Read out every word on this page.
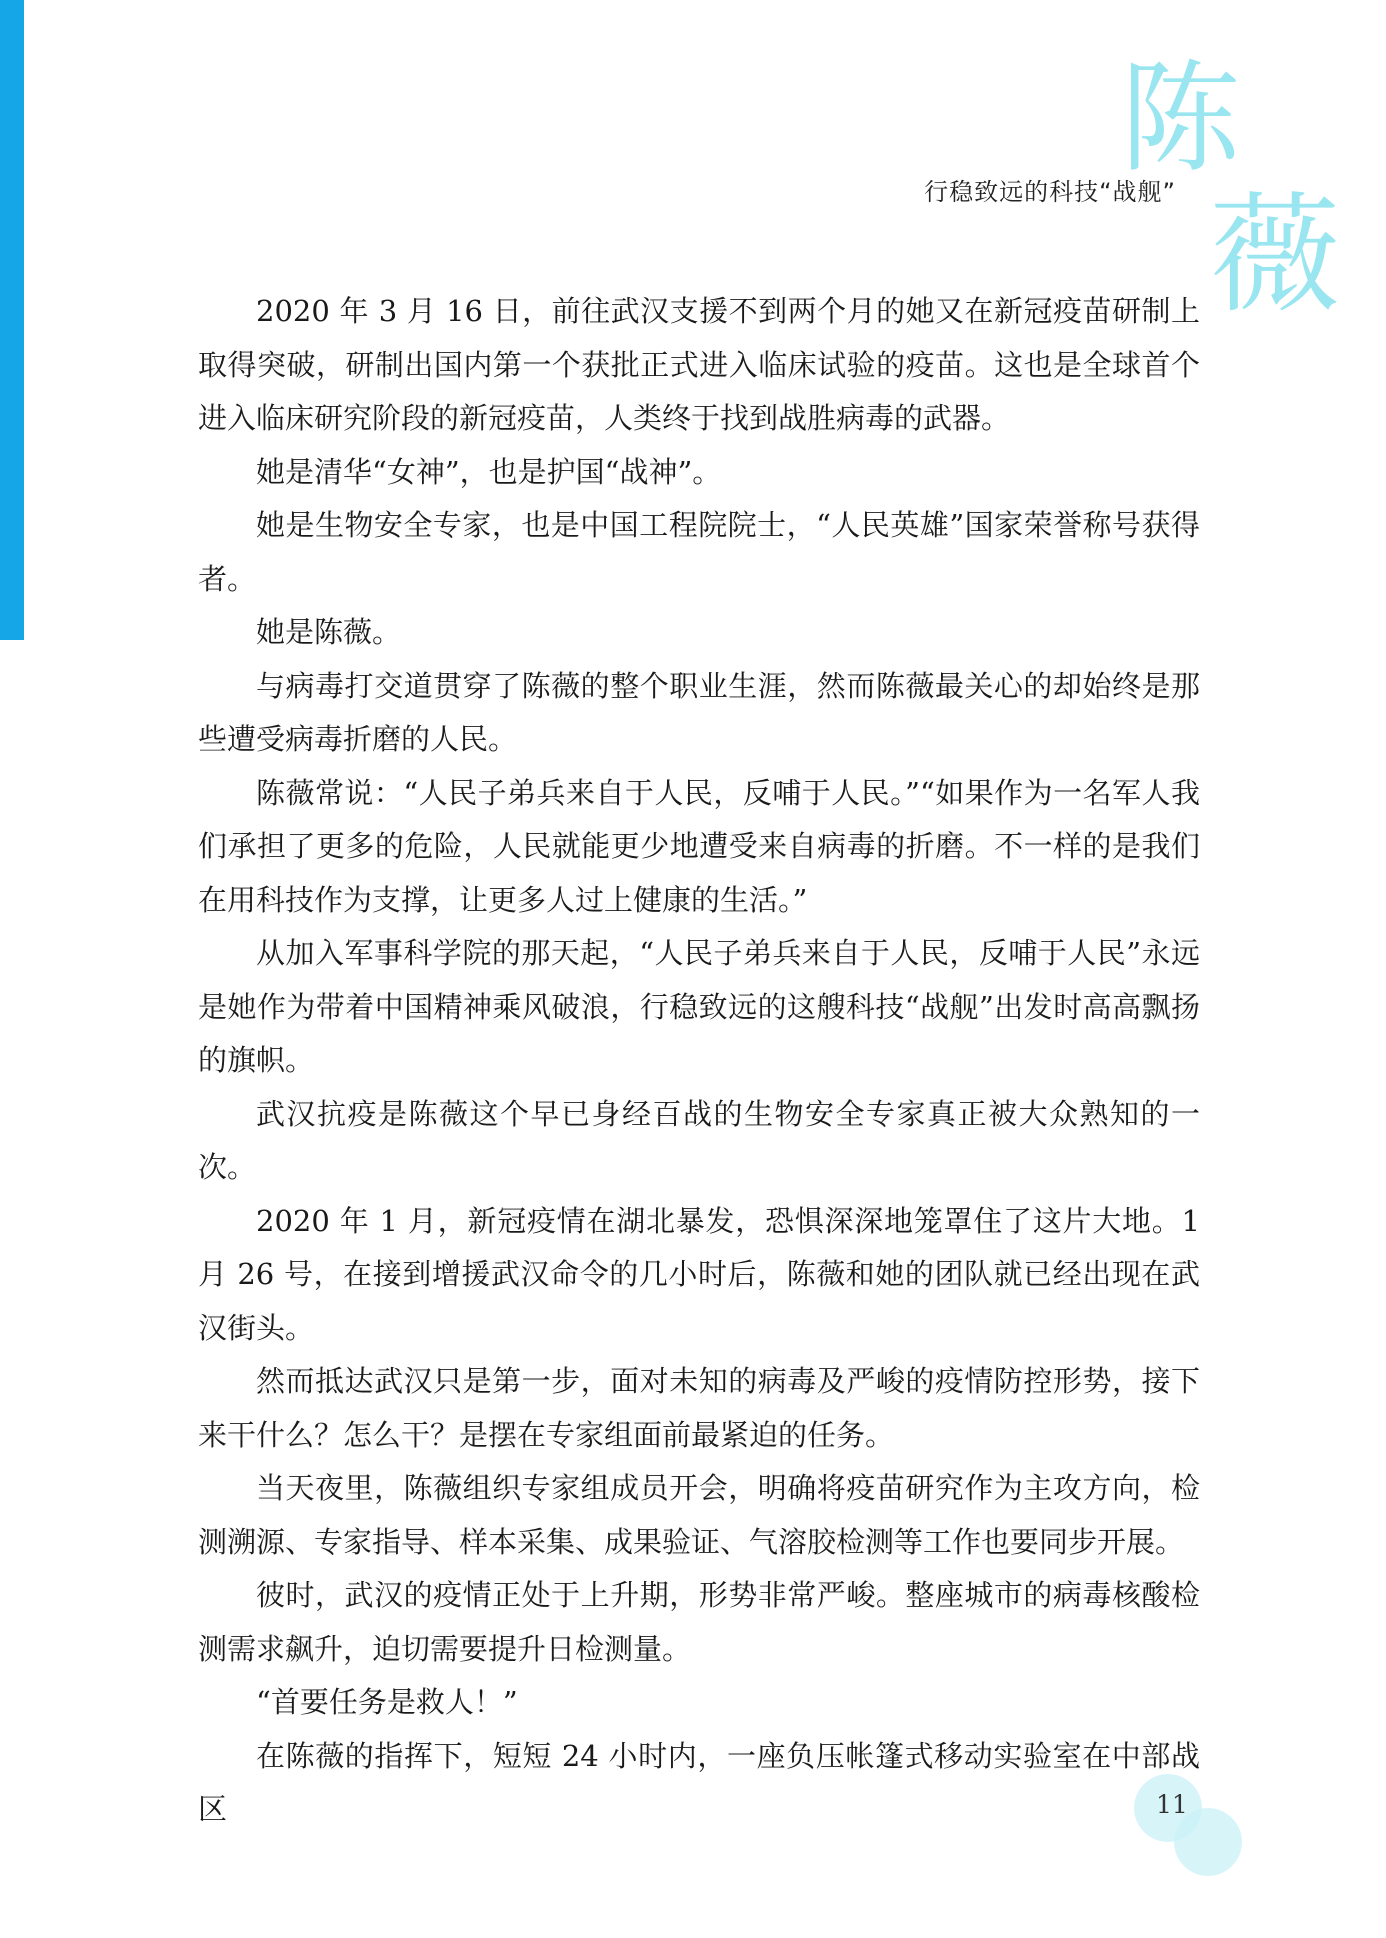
陈
薇
行稳致远的科技“战舰”

2020 年 3 月 16 日，前往武汉支援不到两个月的她又在新冠疫苗研制上取得突破，研制出国内第一个获批正式进入临床试验的疫苗。这也是全球首个进入临床研究阶段的新冠疫苗，人类终于找到战胜病毒的武器。

她是清华“女神”，也是护国“战神”。

她是生物安全专家，也是中国工程院院士，“人民英雄”国家荣誉称号获得者。

她是陈薇。

与病毒打交道贯穿了陈薇的整个职业生涯，然而陈薇最关心的却始终是那些遭受病毒折磨的人民。

陈薇常说：“人民子弟兵来自于人民，反哺于人民。”“如果作为一名军人我们承担了更多的危险，人民就能更少地遭受来自病毒的折磨。不一样的是我们在用科技作为支撑，让更多人过上健康的生活。”

从加入军事科学院的那天起，“人民子弟兵来自于人民，反哺于人民”永远是她作为带着中国精神乘风破浪，行稳致远的这艘科技“战舰”出发时高高飘扬的旗帜。

武汉抗疫是陈薇这个早已身经百战的生物安全专家真正被大众熟知的一次。

2020 年 1 月，新冠疫情在湖北暴发，恐惧深深地笼罩住了这片大地。1 月 26 号，在接到增援武汉命令的几小时后，陈薇和她的团队就已经出现在武汉街头。

然而抵达武汉只是第一步，面对未知的病毒及严峻的疫情防控形势，接下来干什么？怎么干？是摆在专家组面前最紧迫的任务。

当天夜里，陈薇组织专家组成员开会，明确将疫苗研究作为主攻方向，检测溯源、专家指导、样本采集、成果验证、气溶胶检测等工作也要同步开展。

彼时，武汉的疫情正处于上升期，形势非常严峻。整座城市的病毒核酸检测需求飙升，迫切需要提升日检测量。

“首要任务是救人！”

在陈薇的指挥下，短短 24 小时内，一座负压帐篷式移动实验室在中部战区	11
